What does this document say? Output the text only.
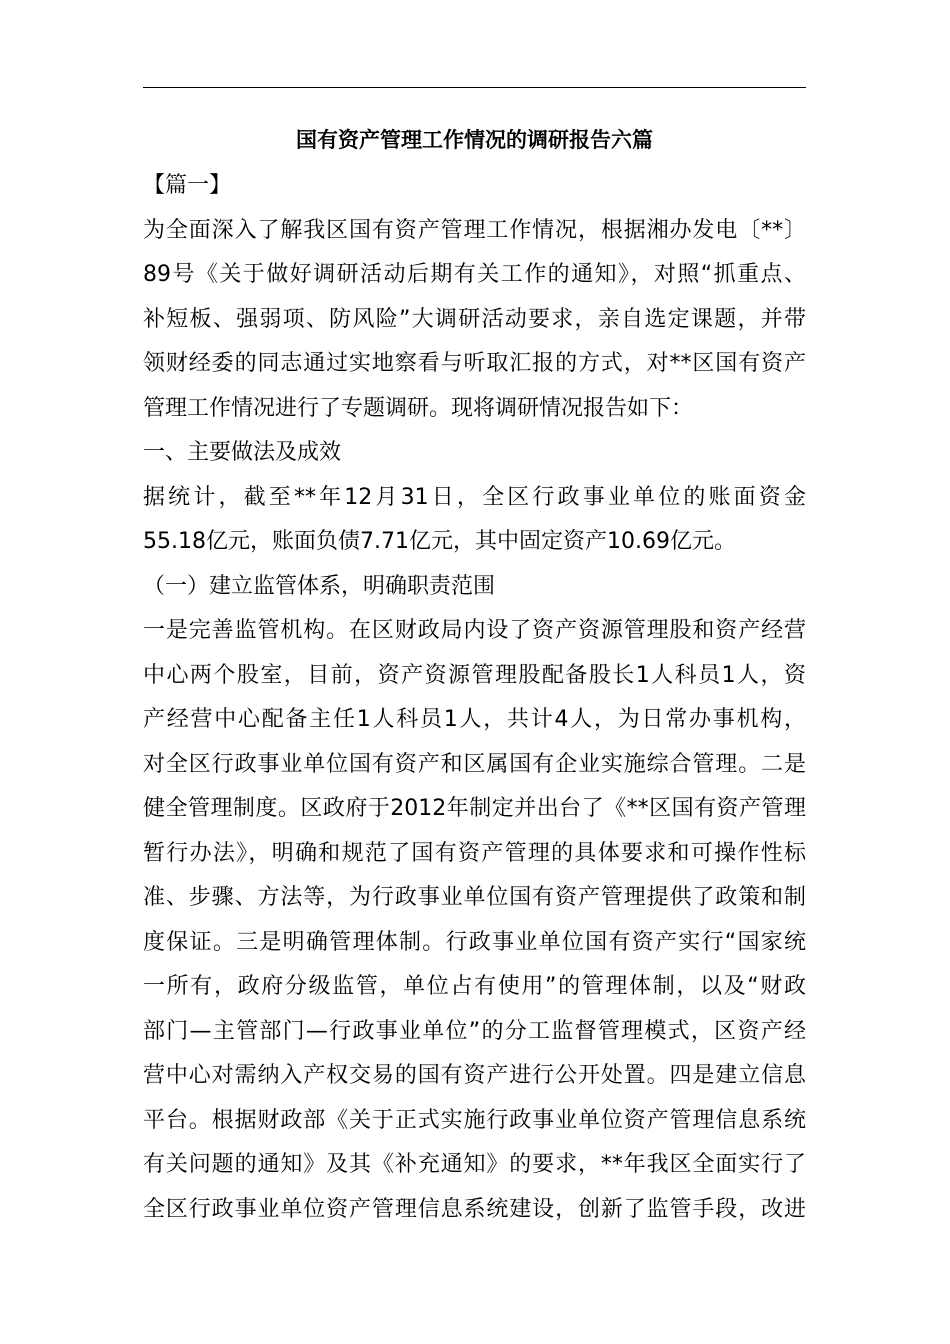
国有资产管理工作情况的调研报告六篇
【篇一】
为全面深入了解我区国有资产管理工作情况，根据湘办发电〔**〕
89号《关于做好调研活动后期有关工作的通知》，对照“抓重点、
补短板、强弱项、防风险”大调研活动要求，亲自选定课题，并带
领财经委的同志通过实地察看与听取汇报的方式，对**区国有资产
管理工作情况进行了专题调研。现将调研情况报告如下：
一、主要做法及成效
据统计，截至**年12月31日，全区行政事业单位的账面资金
55.18亿元，账面负债7.71亿元，其中固定资产10.69亿元。
（一）建立监管体系，明确职责范围
一是完善监管机构。在区财政局内设了资产资源管理股和资产经营
中心两个股室，目前，资产资源管理股配备股长1人科员1人，资
产经营中心配备主任1人科员1人，共计4人，为日常办事机构，
对全区行政事业单位国有资产和区属国有企业实施综合管理。二是
健全管理制度。区政府于2012年制定并出台了《**区国有资产管理
暂行办法》，明确和规范了国有资产管理的具体要求和可操作性标
准、步骤、方法等，为行政事业单位国有资产管理提供了政策和制
度保证。三是明确管理体制。行政事业单位国有资产实行“国家统
一所有，政府分级监管，单位占有使用”的管理体制，以及“财政
部门—主管部门—行政事业单位”的分工监督管理模式，区资产经
营中心对需纳入产权交易的国有资产进行公开处置。四是建立信息
平台。根据财政部《关于正式实施行政事业单位资产管理信息系统
有关问题的通知》及其《补充通知》的要求，**年我区全面实行了
全区行政事业单位资产管理信息系统建设，创新了监管手段，改进
